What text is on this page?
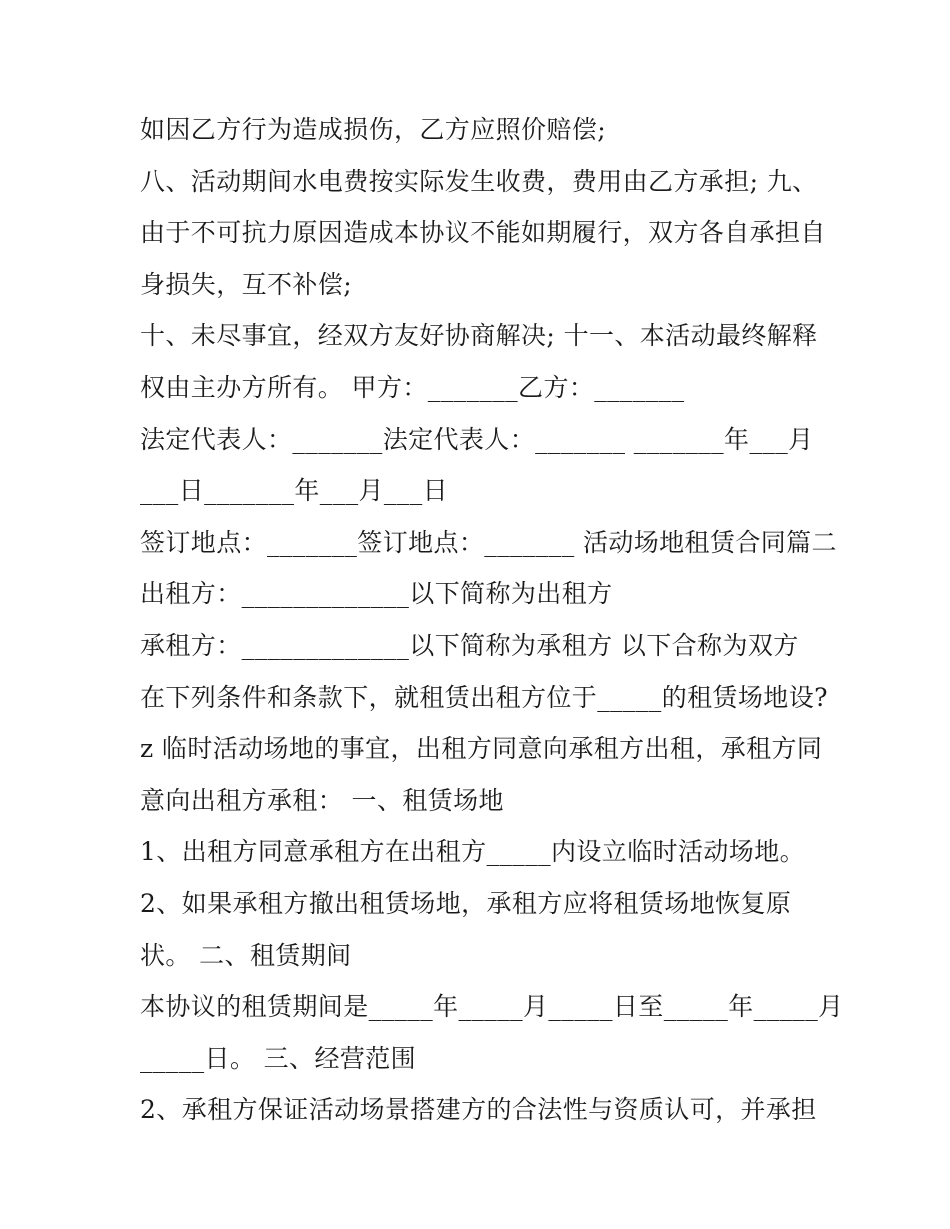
如因乙方行为造成损伤，乙方应照价赔偿;
八、活动期间水电费按实际发生收费，费用由乙方承担; 九、
由于不可抗力原因造成本协议不能如期履行，双方各自承担自
身损失，互不补偿;
十、未尽事宜，经双方友好协商解决; 十一、本活动最终解释
权由主办方所有。 甲方：_______乙方：_______
法定代表人：_______法定代表人：_______ _______年___月
___日_______年___月___日
签订地点：_______签订地点：_______ 活动场地租赁合同篇二
出租方：_____________以下简称为出租方
承租方：_____________以下简称为承租方 以下合称为双方
在下列条件和条款下，就租赁出租方位于_____的租赁场地设?
z 临时活动场地的事宜，出租方同意向承租方出租，承租方同
意向出租方承租： 一、租赁场地
1、出租方同意承租方在出租方_____内设立临时活动场地。
2、如果承租方撤出租赁场地，承租方应将租赁场地恢复原
状。 二、租赁期间
本协议的租赁期间是_____年_____月_____日至_____年_____月
_____日。 三、经营范围
2、承租方保证活动场景搭建方的合法性与资质认可，并承担
